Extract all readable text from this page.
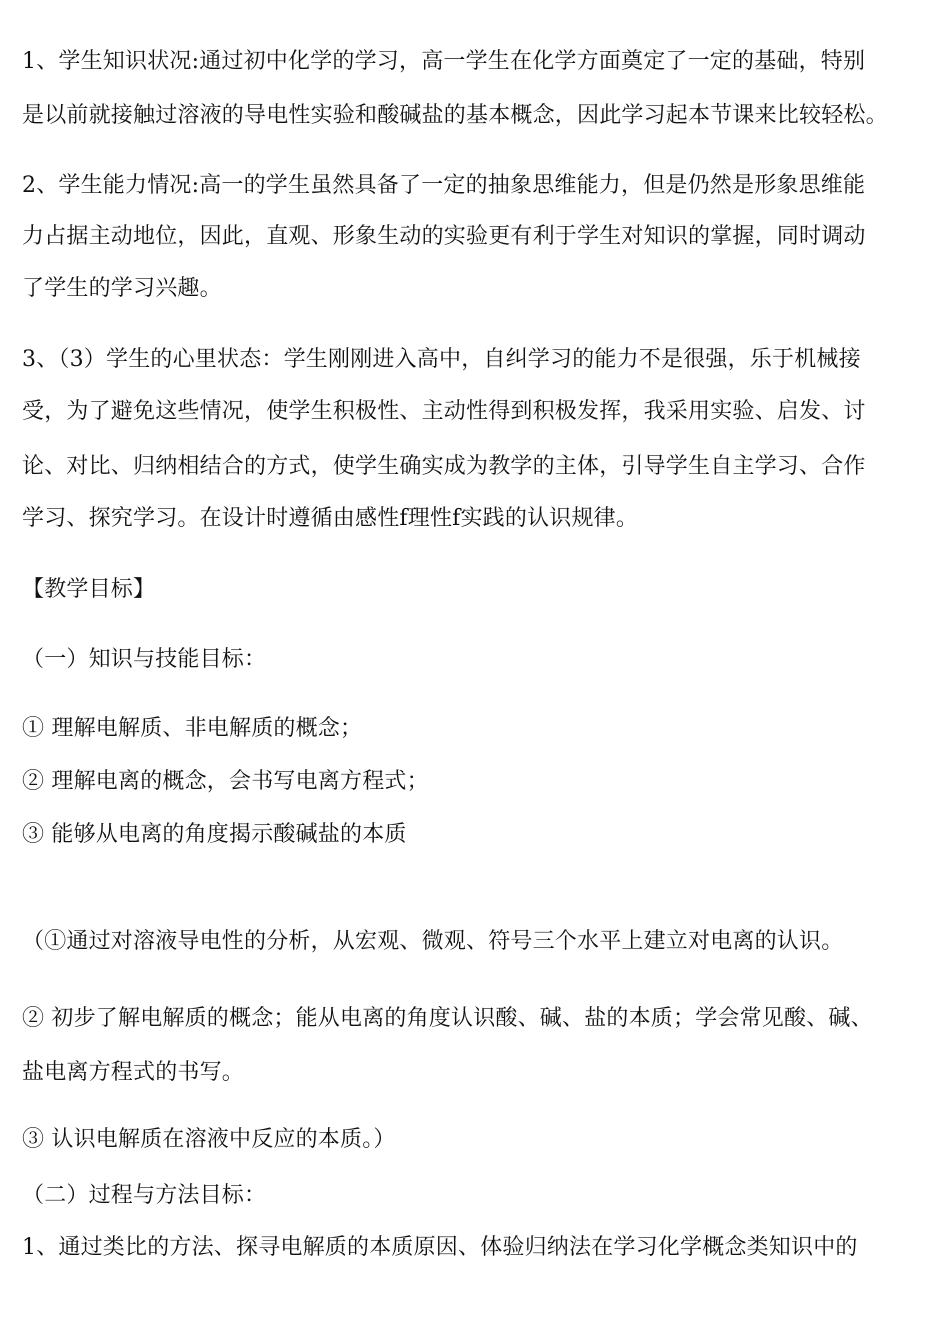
1、学生知识状况:通过初中化学的学习，高一学生在化学方面奠定了一定的基础，特别
是以前就接触过溶液的导电性实验和酸碱盐的基本概念，因此学习起本节课来比较轻松。
2、学生能力情况:高一的学生虽然具备了一定的抽象思维能力，但是仍然是形象思维能
力占据主动地位，因此，直观、形象生动的实验更有利于学生对知识的掌握，同时调动
了学生的学习兴趣。
3、（3）学生的心里状态：学生刚刚进入高中，自纠学习的能力不是很强，乐于机械接
受，为了避免这些情况，使学生积极性、主动性得到积极发挥，我采用实验、启发、讨
论、对比、归纳相结合的方式，使学生确实成为教学的主体，引导学生自主学习、合作
学习、探究学习。在设计时遵循由感性f理性f实践的认识规律。
【教学目标】
（一）知识与技能目标：
① 理解电解质、非电解质的概念；
② 理解电离的概念，会书写电离方程式；
③ 能够从电离的角度揭示酸碱盐的本质
（①通过对溶液导电性的分析，从宏观、微观、符号三个水平上建立对电离的认识。
② 初步了解电解质的概念；能从电离的角度认识酸、碱、盐的本质；学会常见酸、碱、
盐电离方程式的书写。
③ 认识电解质在溶液中反应的本质。）
（二）过程与方法目标：
1、通过类比的方法、探寻电解质的本质原因、体验归纳法在学习化学概念类知识中的
